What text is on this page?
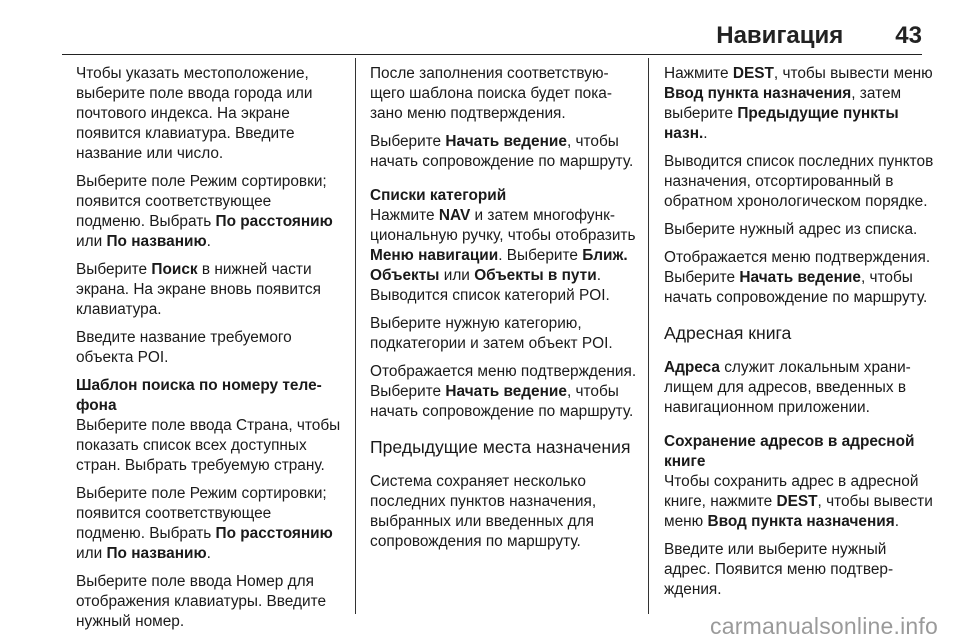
Навигация 43

Чтобы указать местоположение, выберите поле ввода города или почтового индекса. На экране появится клавиатура. Введите название или число.

Выберите поле Режим сортировки; появится соответствующее подменю. Выбрать По расстоянию или По названию.

Выберите Поиск в нижней части экрана. На экране вновь появится клавиатура.

Введите название требуемого объекта POI.

Шаблон поиска по номеру телефона

Выберите поле ввода Страна, чтобы показать список всех доступных стран. Выбрать требуемую страну.

Выберите поле Режим сортировки; появится соответствующее подменю. Выбрать По расстоянию или По названию.

Выберите поле ввода Номер для отображения клавиатуры. Введите нужный номер.

После заполнения соответствующего шаблона поиска будет показано меню подтверждения.

Выберите Начать ведение, чтобы начать сопровождение по маршруту.

Списки категорий

Нажмите NAV и затем многофункциональную ручку, чтобы отобразить Меню навигации. Выберите Ближ. Объекты или Объекты в пути. Выводится список категорий POI.

Выберите нужную категорию, подкатегории и затем объект POI.

Отображается меню подтверждения. Выберите Начать ведение, чтобы начать сопровождение по маршруту.

Предыдущие места назначения

Система сохраняет несколько последних пунктов назначения, выбранных или введенных для сопровождения по маршруту.

Нажмите DEST, чтобы вывести меню Ввод пункта назначения, затем выберите Предыдущие пункты назн..

Выводится список последних пунктов назначения, отсортированный в обратном хронологическом порядке.

Выберите нужный адрес из списка.

Отображается меню подтверждения. Выберите Начать ведение, чтобы начать сопровождение по маршруту.

Адресная книга

Адреса служит локальным хранилищем для адресов, введенных в навигационном приложении.

Сохранение адресов в адресной книге

Чтобы сохранить адрес в адресной книге, нажмите DEST, чтобы вывести меню Ввод пункта назначения.

Введите или выберите нужный адрес. Появится меню подтверждения.

carmanualsonline.info
